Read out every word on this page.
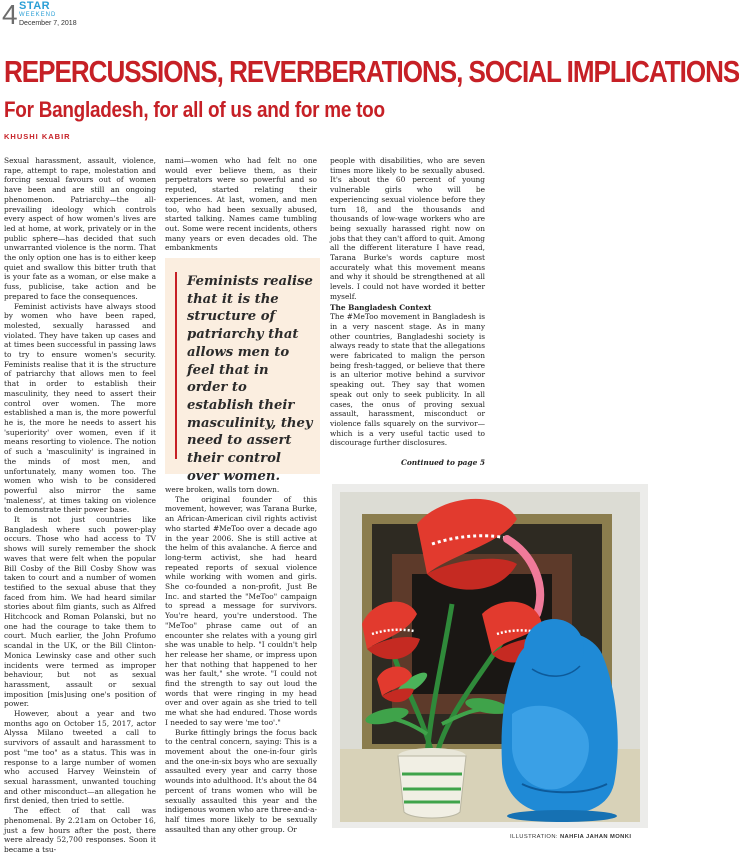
4 STAR
WEEKEND
December 7, 2018
REPERCUSSIONS, REVERBERATIONS, SOCIAL IMPLICATIONS
For Bangladesh, for all of us and for me too
KHUSHI KABIR

Sexual harassment, assault, violence, rape, attempt to rape, molestation and forcing sexual favours out of women have been and are still an ongoing phenomenon. Patriarchy—the all-prevailing ideology which controls every aspect of how women's lives are led at home, at work, privately or in the public sphere—has decided that such unwarranted violence is the norm. That the only option one has is to either keep quiet and swallow this bitter truth that is your fate as a woman, or else make a fuss, publicise, take action and be prepared to face the consequences.

Feminist activists have always stood by women who have been raped, molested, sexually harassed and violated. They have taken up cases and at times been successful in passing laws to try to ensure women's security. Feminists realise that it is the structure of patriarchy that allows men to feel that in order to establish their masculinity, they need to assert their control over women. The more established a man is, the more powerful he is, the more he needs to assert his 'superiority' over women, even if it means resorting to violence. The notion of such a 'masculinity' is ingrained in the minds of most men, and unfortunately, many women too. The women who wish to be considered powerful also mirror the same 'maleness', at times taking on violence to demonstrate their power base.

It is not just countries like Bangladesh where such power-play occurs. Those who had access to TV shows will surely remember the shock waves that were felt when the popular Bill Cosby of the Bill Cosby Show was taken to court and a number of women testified to the sexual abuse that they faced from him. We had heard similar stories about film giants, such as Alfred Hitchcock and Roman Polanski, but no one had the courage to take them to court. Much earlier, the John Profumo scandal in the UK, or the Bill Clinton-Monica Lewinsky case and other such incidents were termed as improper behaviour, but not as sexual harassment, assault or sexual imposition [mis]using one's position of power.

However, about a year and two months ago on October 15, 2017, actor Alyssa Milano tweeted a call to survivors of assault and harassment to post "me too" as a status. This was in response to a large number of women who accused Harvey Weinstein of sexual harassment, unwanted touching and other misconduct—an allegation he first denied, then tried to settle.

The effect of that call was phenomenal. By 2.21am on October 16, just a few hours after the post, there were already 52,700 responses. Soon it became a tsu-

nami—women who had felt no one would ever believe them, as their perpetrators were so powerful and so reputed, started relating their experiences. At last, women, and men too, who had been sexually abused, started talking. Names came tumbling out. Some were recent incidents, others many years or even decades old. The embankments

Feminists realise that it is the structure of patriarchy that allows men to feel that in order to establish their masculinity, they need to assert their control over women.

were broken, walls torn down.

The original founder of this movement, however, was Tarana Burke, an African-American civil rights activist who started #MeToo over a decade ago in the year 2006. She is still active at the helm of this avalanche. A fierce and long-term activist, she had heard repeated reports of sexual violence while working with women and girls. She co-founded a non-profit, Just Be Inc. and started the "MeToo" campaign to spread a message for survivors. You're heard, you're understood. The "MeToo" phrase came out of an encounter she relates with a young girl she was unable to help. "I couldn't help her release her shame, or impress upon her that nothing that happened to her was her fault," she wrote. "I could not find the strength to say out loud the words that were ringing in my head over and over again as she tried to tell me what she had endured. Those words I needed to say were 'me too'."

Burke fittingly brings the focus back to the central concern, saying: This is a movement about the one-in-four girls and the one-in-six boys who are sexually assaulted every year and carry those wounds into adulthood. It's about the 84 percent of trans women who will be sexually assaulted this year and the indigenous women who are three-and-a-half times more likely to be sexually assaulted than any other group. Or

people with disabilities, who are seven times more likely to be sexually abused. It's about the 60 percent of young vulnerable girls who will be experiencing sexual violence before they turn 18, and the thousands and thousands of low-wage workers who are being sexually harassed right now on jobs that they can't afford to quit. Among all the different literature I have read, Tarana Burke's words capture most accurately what this movement means and why it should be strengthened at all levels. I could not have worded it better myself.

The Bangladesh Context

The #MeToo movement in Bangladesh is in a very nascent stage. As in many other countries, Bangladeshi society is always ready to state that the allegations were fabricated to malign the person being fresh-tagged, or believe that there is an ulterior motive behind a survivor speaking out. They say that women speak out only to seek publicity. In all cases, the onus of proving sexual assault, harassment, misconduct or violence falls squarely on the survivor—which is a very useful tactic used to discourage further disclosures.

Continued to page 5
ILLUSTRATION: NAHFIA JAHAN MONKI
